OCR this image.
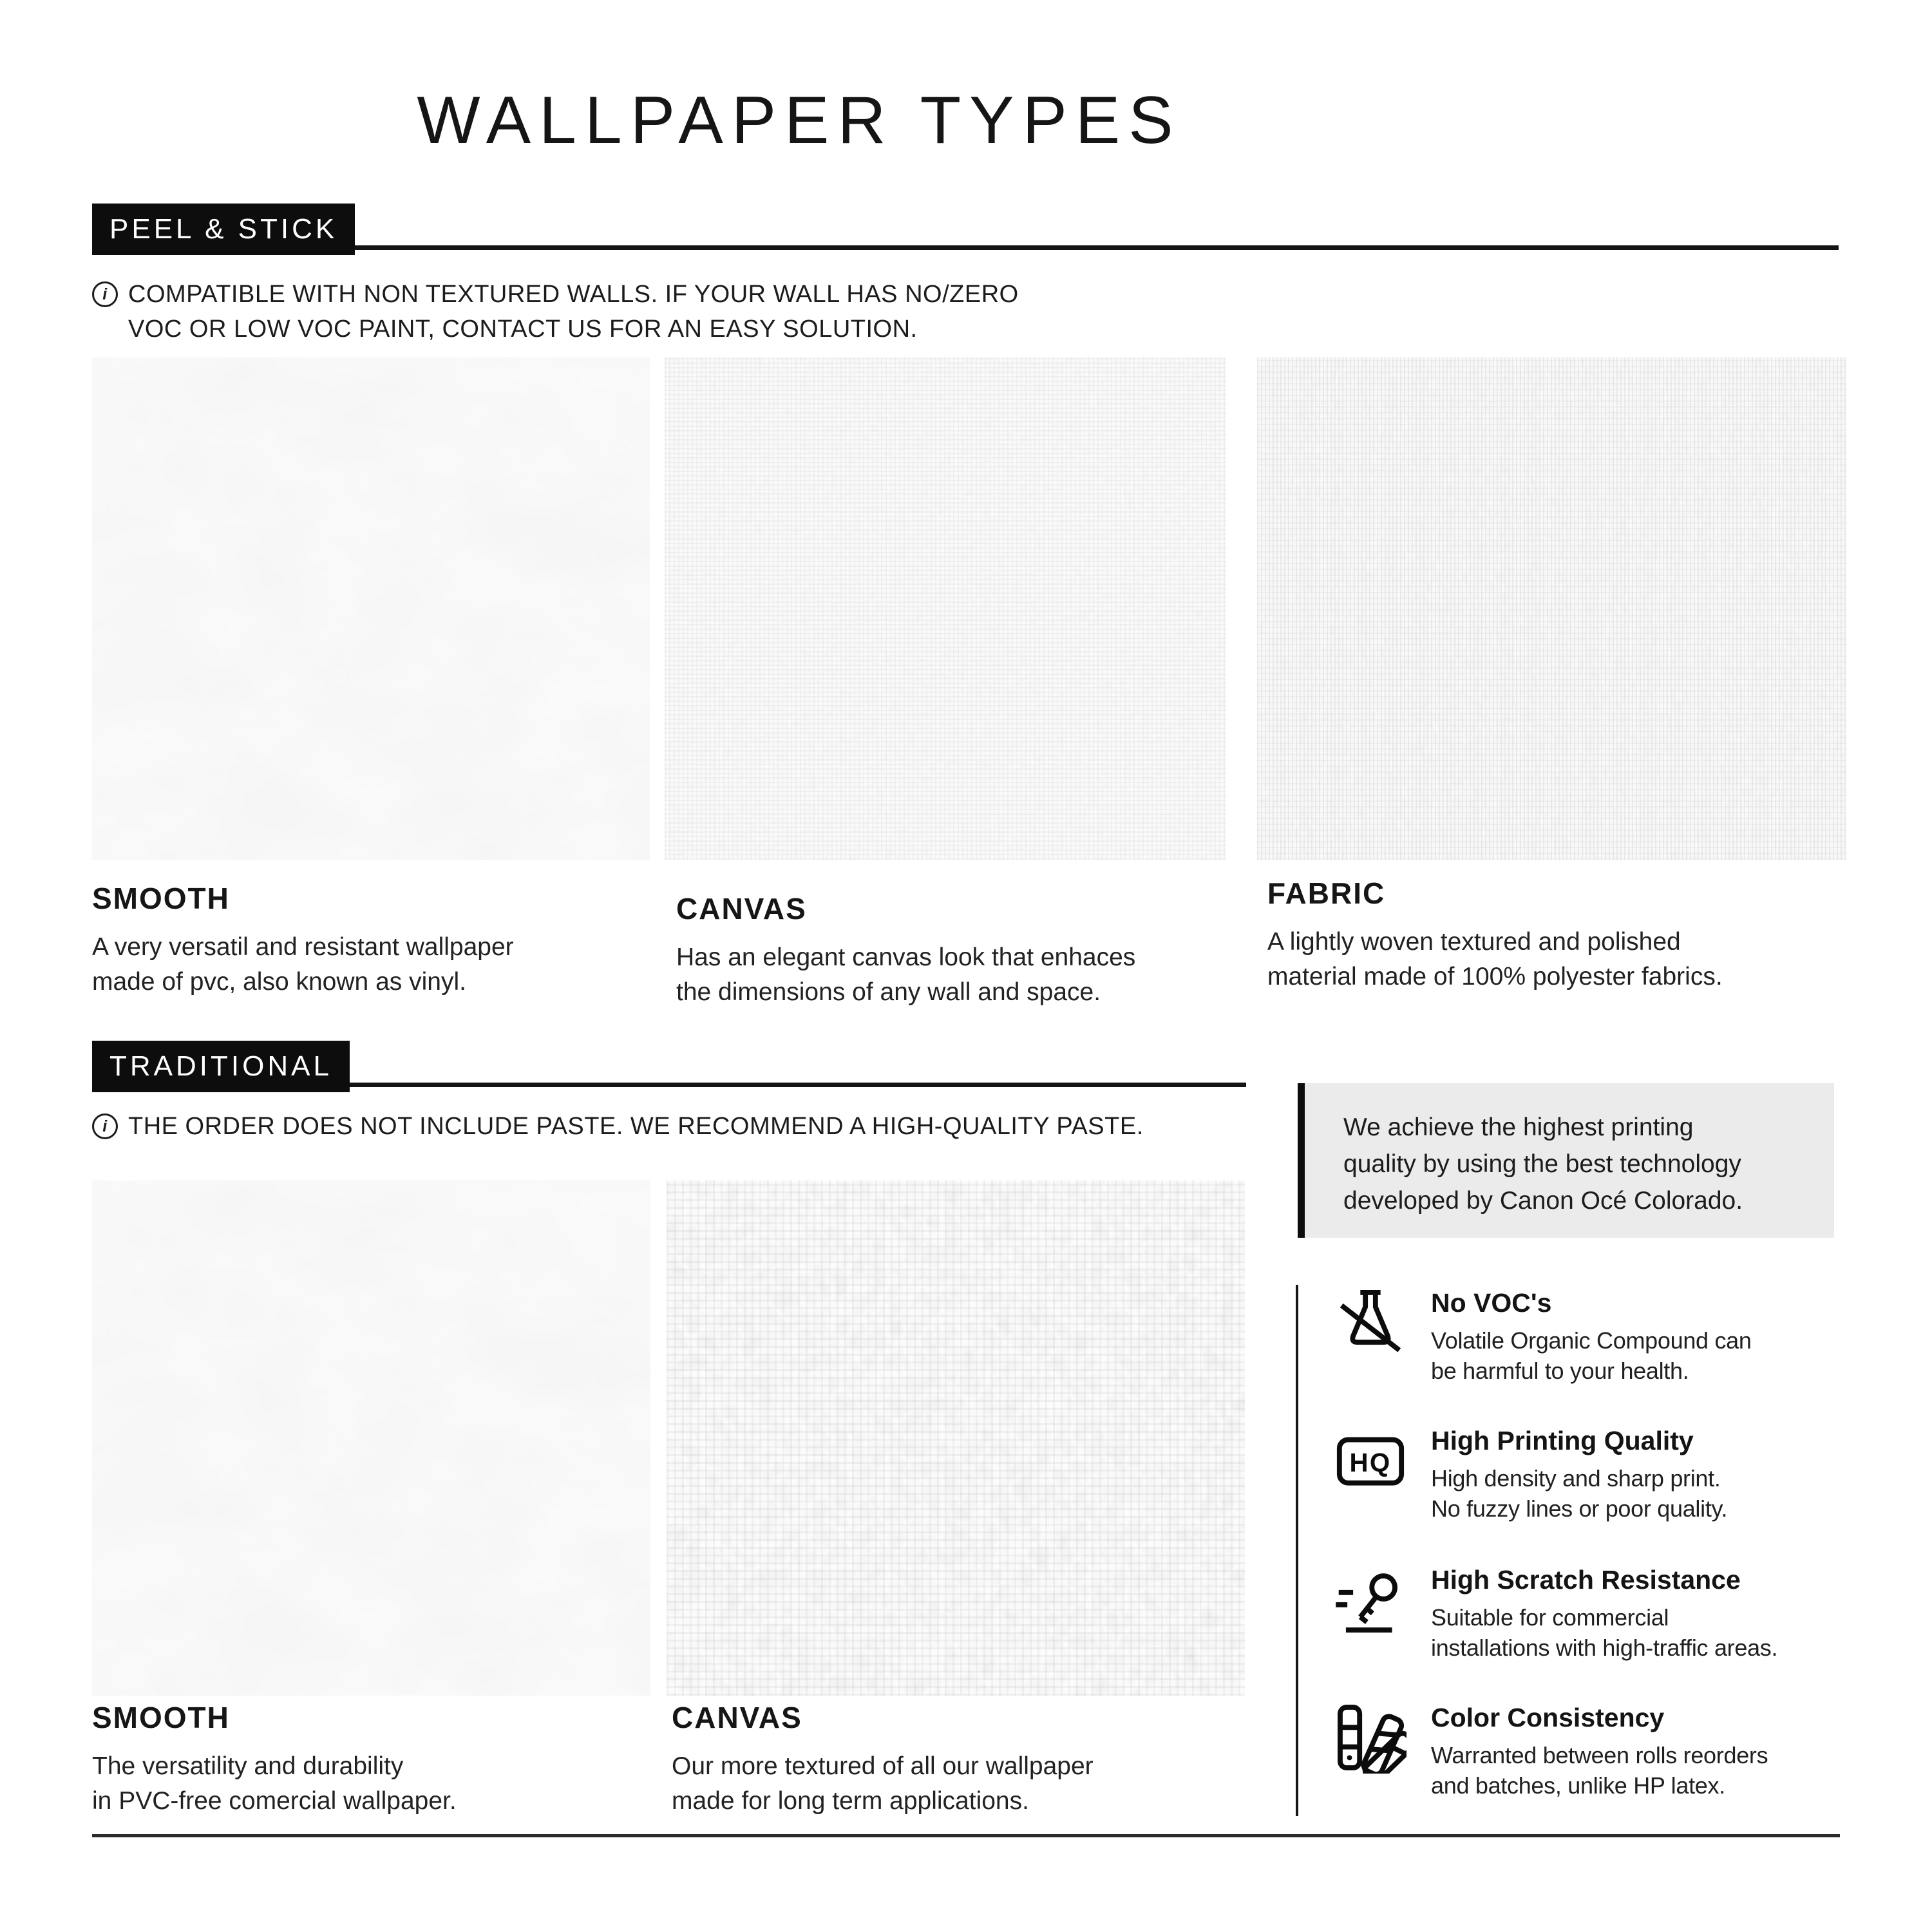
WALLPAPER TYPES
PEEL & STICK
i COMPATIBLE WITH NON TEXTURED WALLS. IF YOUR WALL HAS NO/ZERO
VOC OR LOW VOC PAINT, CONTACT US FOR AN EASY SOLUTION.
SMOOTH
A very versatil and resistant wallpaper
made of pvc, also known as vinyl.
CANVAS
Has an elegant canvas look that enhaces
the dimensions of any wall and space.
FABRIC
A lightly woven textured and polished
material made of 100% polyester fabrics.
TRADITIONAL
i THE ORDER DOES NOT INCLUDE PASTE. WE RECOMMEND A HIGH-QUALITY PASTE.
SMOOTH
The versatility and durability
in PVC-free comercial wallpaper.
CANVAS
Our more textured of all our wallpaper
made for long term applications.
We achieve the highest printing
quality by using the best technology
developed by Canon Océ Colorado.
No VOC's
Volatile Organic Compound can
be harmful to your health.
HQ
High Printing Quality
High density and sharp print.
No fuzzy lines or poor quality.
High Scratch Resistance
Suitable for commercial
installations with high-traffic areas.
Color Consistency
Warranted between rolls reorders
and batches, unlike HP latex.
